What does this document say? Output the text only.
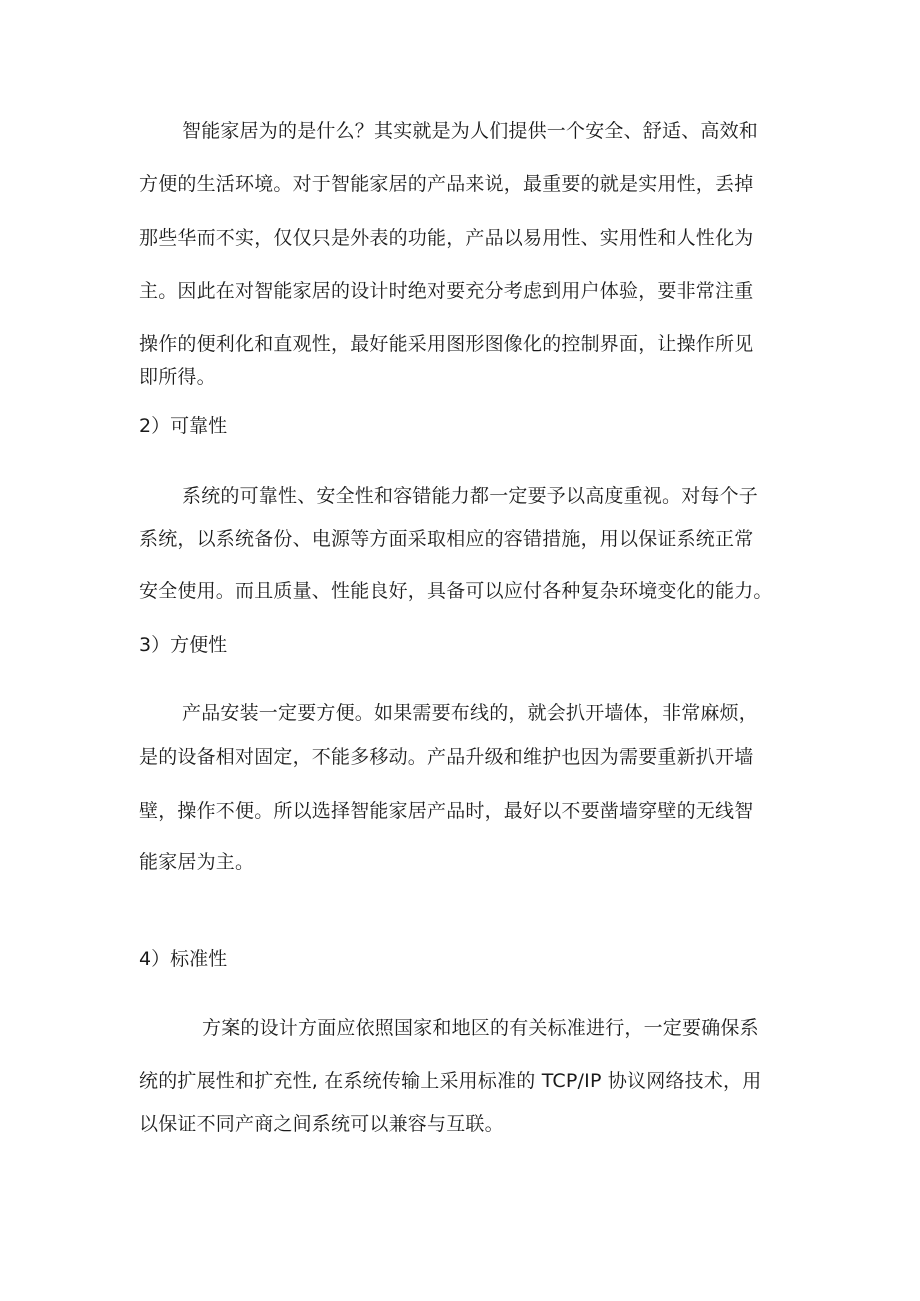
智能家居为的是什么？其实就是为人们提供一个安全、舒适、高效和
方便的生活环境。对于智能家居的产品来说，最重要的就是实用性，丢掉
那些华而不实，仅仅只是外表的功能，产品以易用性、实用性和人性化为
主。因此在对智能家居的设计时绝对要充分考虑到用户体验，要非常注重
操作的便利化和直观性，最好能采用图形图像化的控制界面，让操作所见
即所得。
2）可靠性
系统的可靠性、安全性和容错能力都一定要予以高度重视。对每个子
系统，以系统备份、电源等方面采取相应的容错措施，用以保证系统正常
安全使用。而且质量、性能良好，具备可以应付各种复杂环境变化的能力。
3）方便性
产品安装一定要方便。如果需要布线的，就会扒开墙体，非常麻烦，
是的设备相对固定，不能多移动。产品升级和维护也因为需要重新扒开墙
壁，操作不便。所以选择智能家居产品时，最好以不要凿墙穿壁的无线智
能家居为主。
4）标准性
方案的设计方面应依照国家和地区的有关标准进行，一定要确保系
统的扩展性和扩充性, 在系统传输上采用标准的 TCP/IP 协议网络技术，用
以保证不同产商之间系统可以兼容与互联。
